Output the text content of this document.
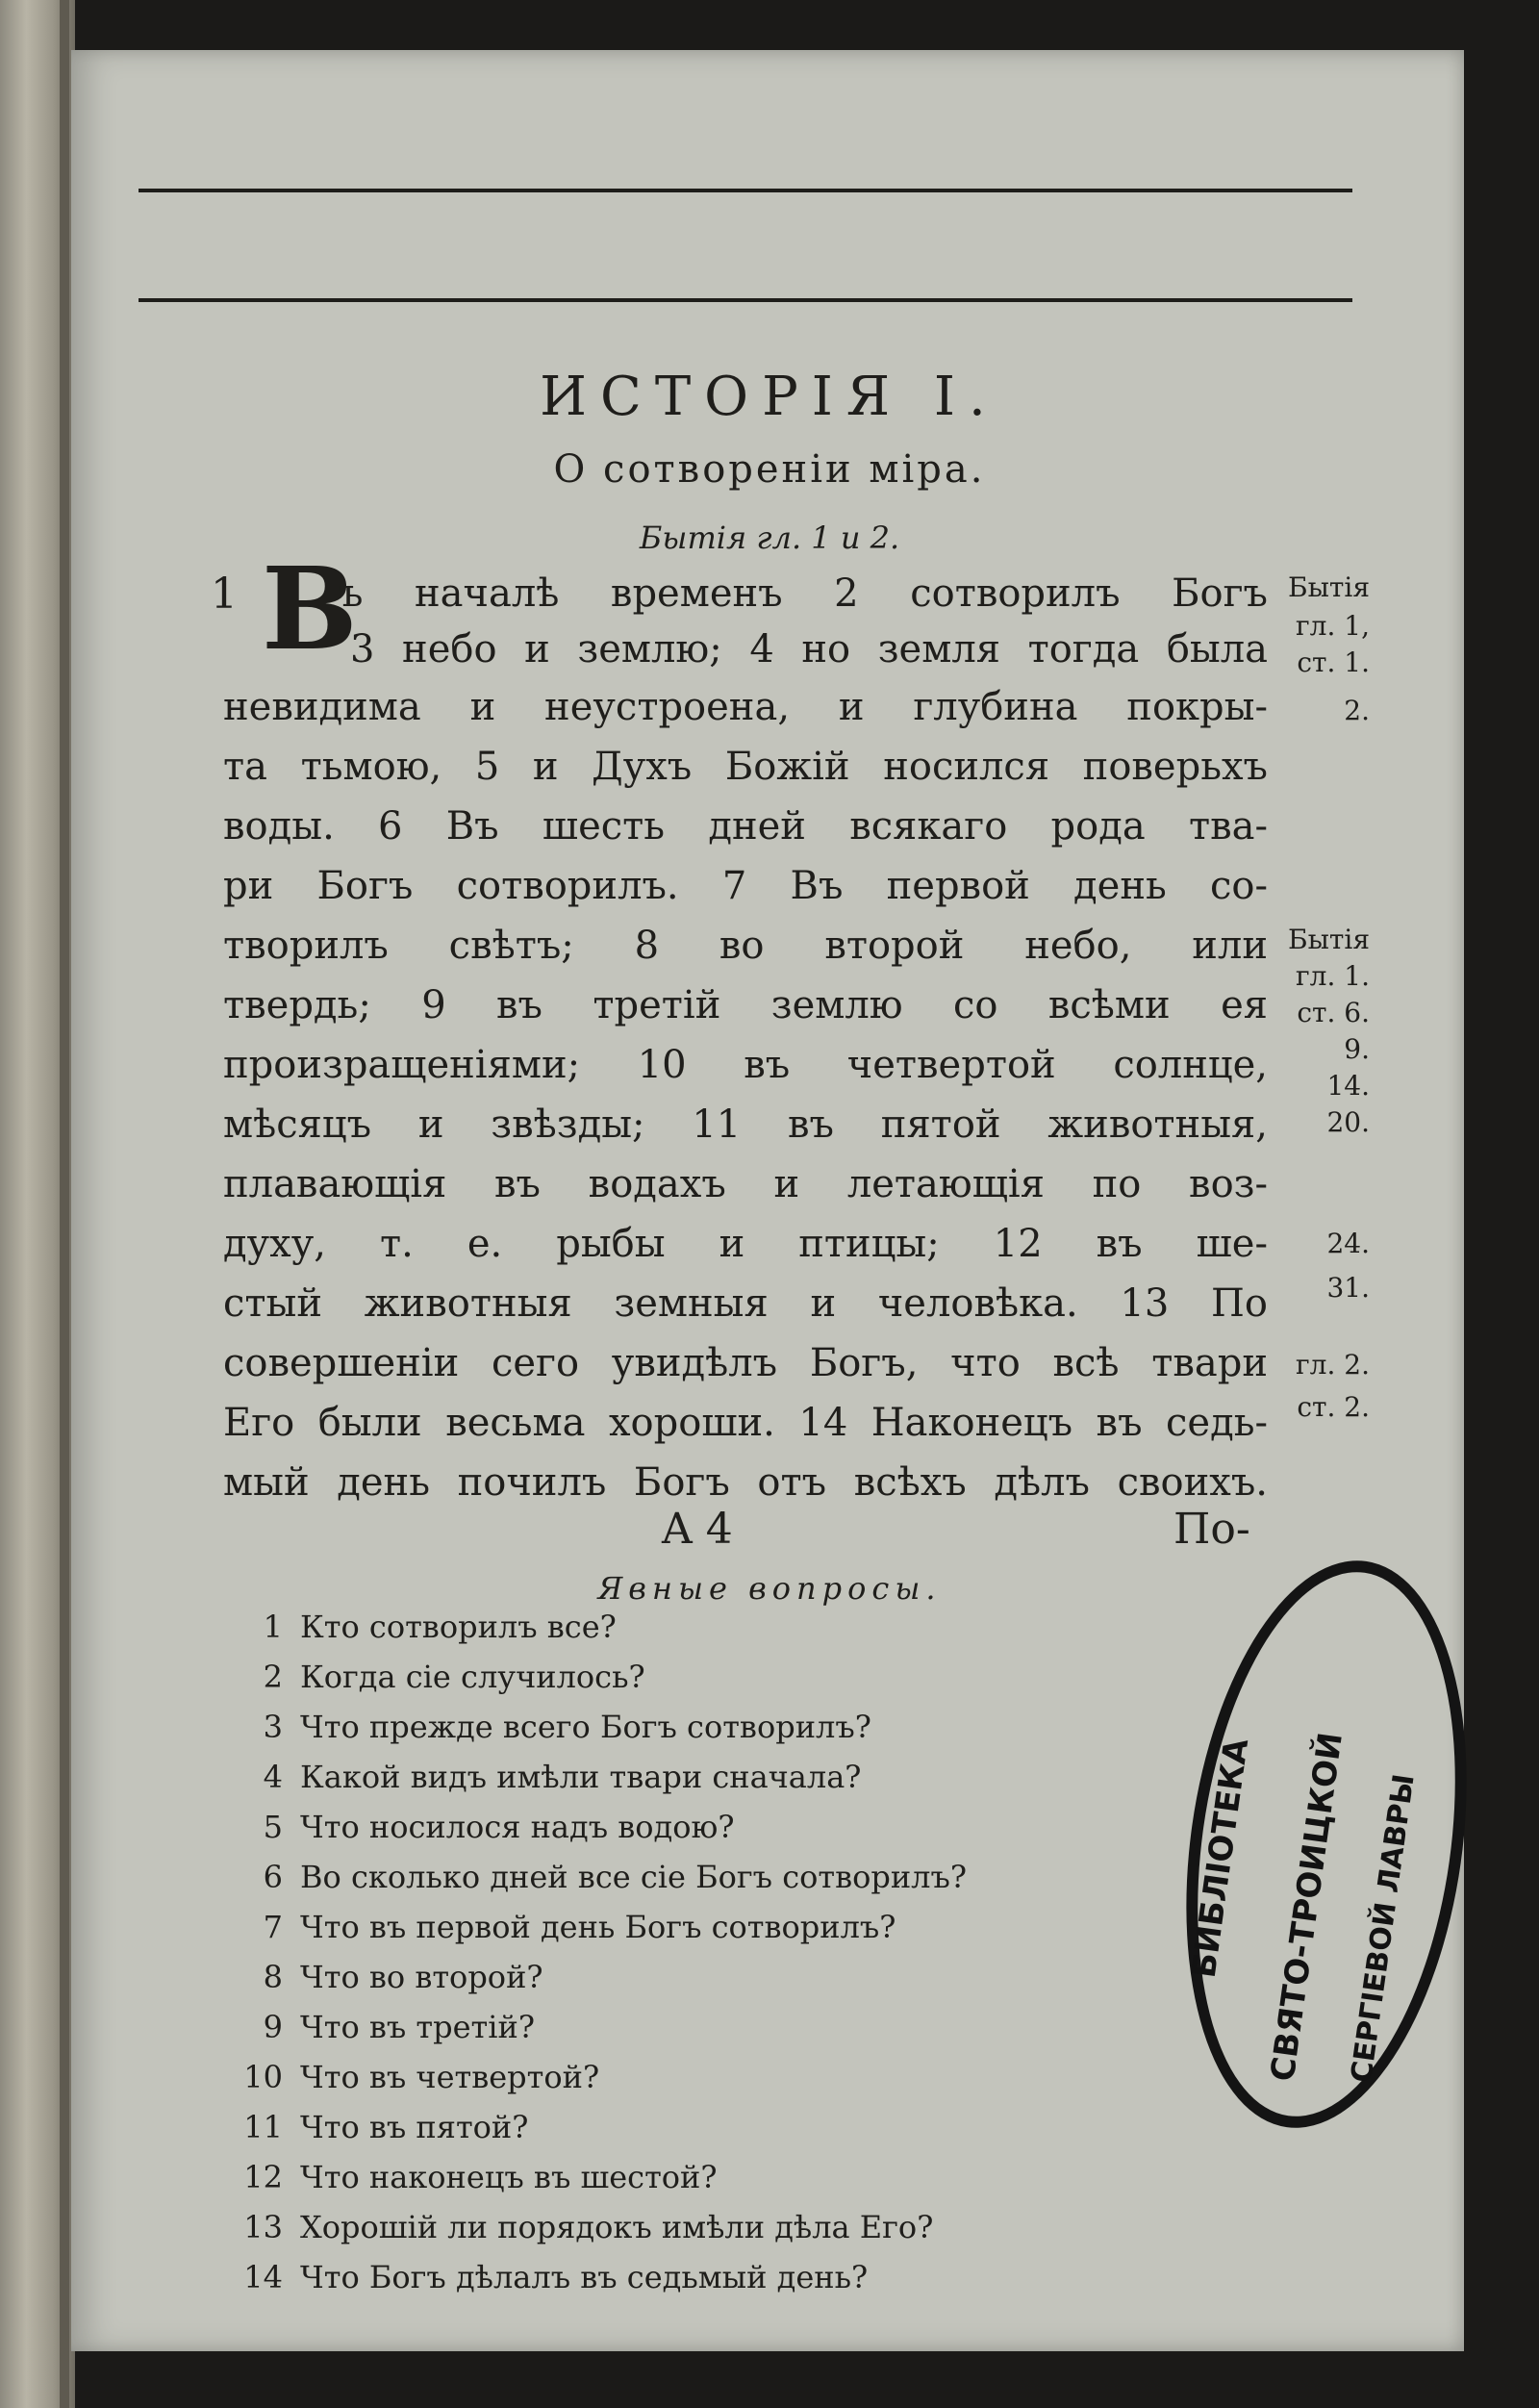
ИСТОРІЯ I.
О сотвореніи міра.
Бытія гл. 1 и 2.
1 В
ъ началѣ временъ 2 сотворилъ Богъ
3 небо и землю; 4 но земля тогда была
невидима и неустроена, и глубина покры-
та тьмою, 5 и Духъ Божій носился поверьхъ
воды. 6 Въ шесть дней всякаго рода тва-
ри Богъ сотворилъ. 7 Въ первой день со-
творилъ свѣтъ; 8 во второй небо, или
твердь; 9 въ третій землю со всѣми ея
произращеніями; 10 въ четвертой солнце,
мѣсяцъ и звѣзды; 11 въ пятой животныя,
плавающія въ водахъ и летающія по воз-
духу, т. е. рыбы и птицы; 12 въ ше-
стый животныя земныя и человѣка. 13 По
совершеніи сего увидѣлъ Богъ, что всѣ твари
Его были весьма хороши. 14 Наконецъ въ седь-
мый день почилъ Богъ отъ всѣхъ дѣлъ своихъ.
Бытія
гл. 1,
ст. 1.
2.
Бытія
гл. 1.
ст. 6.
9.
14.
20.
24.
31.
гл. 2.
ст. 2.
A 4	По-
Явные вопросы.
1 Кто сотворилъ все?
2 Когда сіе случилось?
3 Что прежде всего Богъ сотворилъ?
4 Какой видъ имѣли твари сначала?
5 Что носилося надъ водою?
6 Во сколько дней все сіе Богъ сотворилъ?
7 Что въ первой день Богъ сотворилъ?
8 Что во второй?
9 Что въ третій?
10 Что въ четвертой?
11 Что въ пятой?
12 Что наконецъ въ шестой?
13 Хорошій ли порядокъ имѣли дѣла Его?
14 Что Богъ дѣлалъ въ седьмый день?
БИБЛІОТЕКА СВЯТО-ТРОИЦКОЙ
СЕРГІЕВОЙ ЛАВРЫ
